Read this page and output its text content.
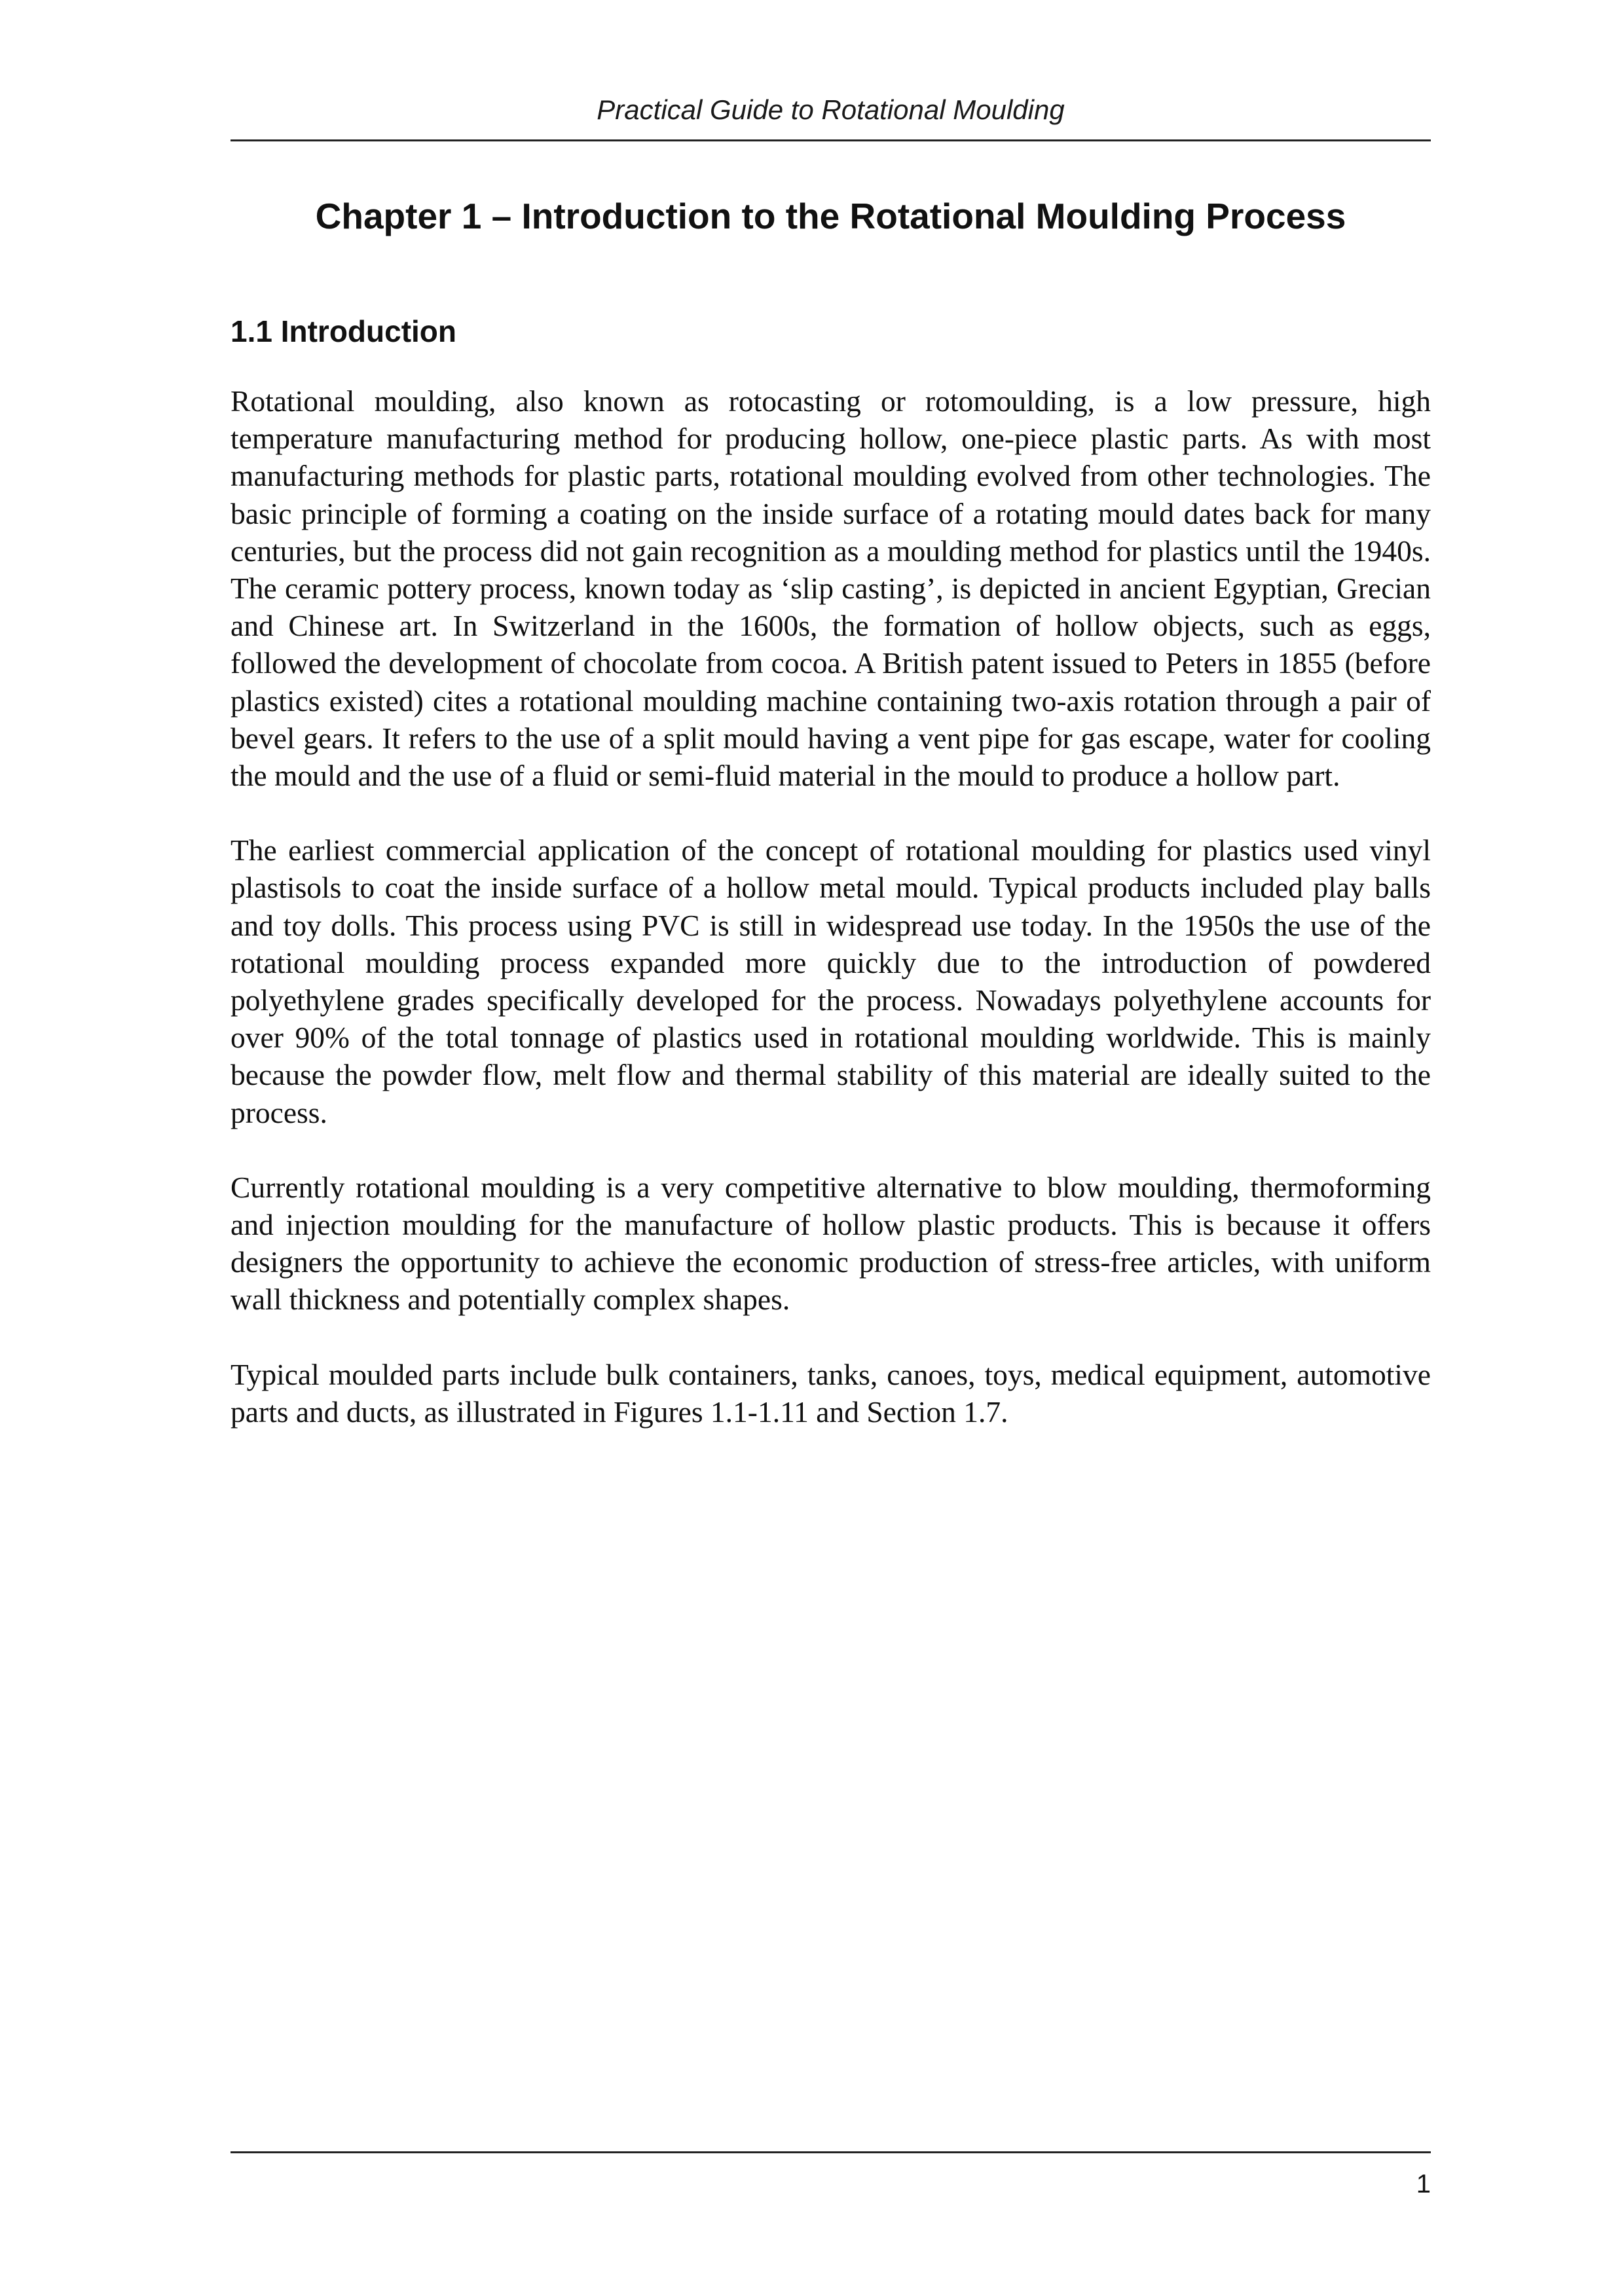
Practical Guide to Rotational Moulding
Chapter 1 – Introduction to the Rotational Moulding Process
1.1 Introduction

Rotational moulding, also known as rotocasting or rotomoulding, is a low pressure, high temperature manufacturing method for producing hollow, one-piece plastic parts. As with most manufacturing methods for plastic parts, rotational moulding evolved from other technologies. The basic principle of forming a coating on the inside surface of a rotating mould dates back for many centuries, but the process did not gain recognition as a moulding method for plastics until the 1940s. The ceramic pottery process, known today as ‘slip casting’, is depicted in ancient Egyptian, Grecian and Chinese art. In Switzerland in the 1600s, the formation of hollow objects, such as eggs, followed the development of chocolate from cocoa. A British patent issued to Peters in 1855 (before plastics existed) cites a rotational moulding machine containing two-axis rotation through a pair of bevel gears. It refers to the use of a split mould having a vent pipe for gas escape, water for cooling the mould and the use of a fluid or semi-fluid material in the mould to produce a hollow part.

The earliest commercial application of the concept of rotational moulding for plastics used vinyl plastisols to coat the inside surface of a hollow metal mould. Typical products included play balls and toy dolls. This process using PVC is still in widespread use today. In the 1950s the use of the rotational moulding process expanded more quickly due to the introduction of powdered polyethylene grades specifically developed for the process. Nowadays polyethylene accounts for over 90% of the total tonnage of plastics used in rotational moulding worldwide. This is mainly because the powder flow, melt flow and thermal stability of this material are ideally suited to the process.

Currently rotational moulding is a very competitive alternative to blow moulding, thermoforming and injection moulding for the manufacture of hollow plastic products. This is because it offers designers the opportunity to achieve the economic production of stress-free articles, with uniform wall thickness and potentially complex shapes.

Typical moulded parts include bulk containers, tanks, canoes, toys, medical equipment, automotive parts and ducts, as illustrated in Figures 1.1-1.11 and Section 1.7.

1
